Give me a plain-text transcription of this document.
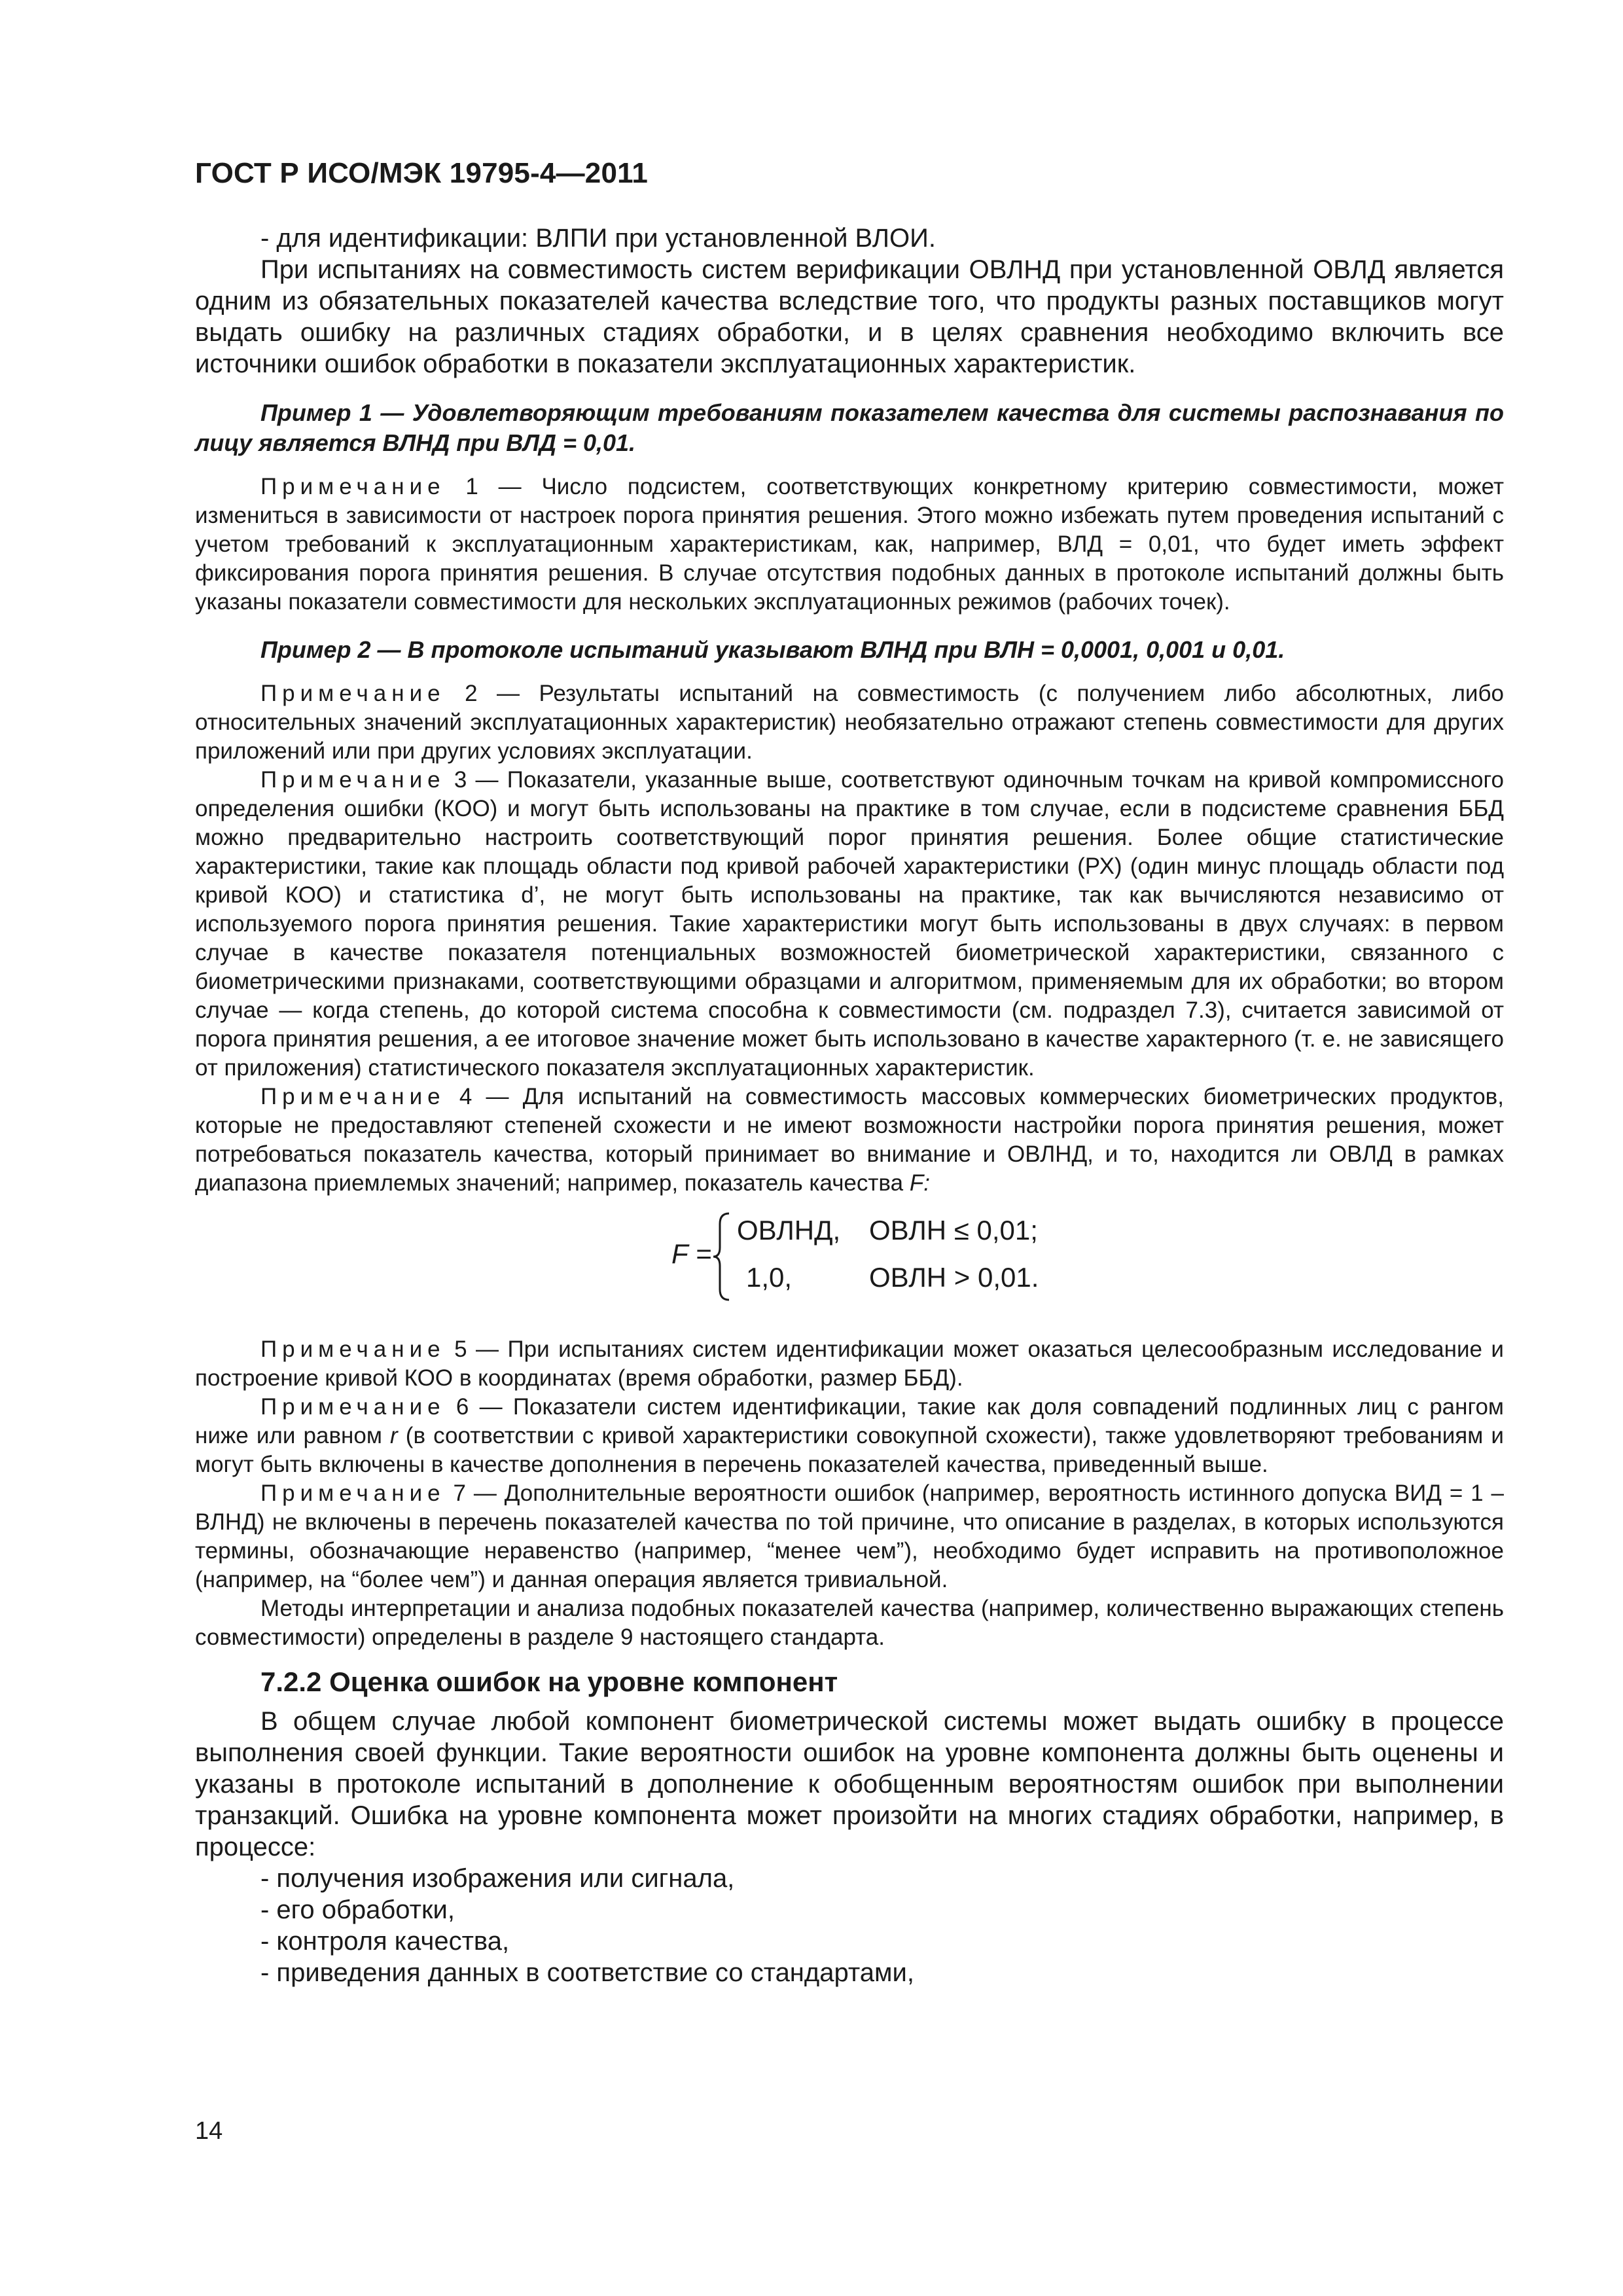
ГОСТ Р ИСО/МЭК 19795-4—2011

- для идентификации: ВЛПИ при установленной ВЛОИ.

При испытаниях на совместимость систем верификации ОВЛНД при установленной ОВЛД является одним из обязательных показателей качества вследствие того, что продукты разных поставщиков могут выдать ошибку на различных стадиях обработки, и в целях сравнения необходимо включить все источники ошибок обработки в показатели эксплуатационных характеристик.

Пример 1 — Удовлетворяющим требованиям показателем качества для системы распознавания по лицу является ВЛНД при ВЛД = 0,01.

Примечание 1 — Число подсистем, соответствующих конкретному критерию совместимости, может измениться в зависимости от настроек порога принятия решения. Этого можно избежать путем проведения испытаний с учетом требований к эксплуатационным характеристикам, как, например, ВЛД = 0,01, что будет иметь эффект фиксирования порога принятия решения. В случае отсутствия подобных данных в протоколе испытаний должны быть указаны показатели совместимости для нескольких эксплуатационных режимов (рабочих точек).

Пример 2 — В протоколе испытаний указывают ВЛНД при ВЛН = 0,0001, 0,001 и 0,01.

Примечание 2 — Результаты испытаний на совместимость (с получением либо абсолютных, либо относительных значений эксплуатационных характеристик) необязательно отражают степень совместимости для других приложений или при других условиях эксплуатации.

Примечание 3 — Показатели, указанные выше, соответствуют одиночным точкам на кривой компромиссного определения ошибки (КОО) и могут быть использованы на практике в том случае, если в подсистеме сравнения ББД можно предварительно настроить соответствующий порог принятия решения. Более общие статистические характеристики, такие как площадь области под кривой рабочей характеристики (РХ) (один минус площадь области под кривой КОО) и статистика d’, не могут быть использованы на практике, так как вычисляются независимо от используемого порога принятия решения. Такие характеристики могут быть использованы в двух случаях: в первом случае в качестве показателя потенциальных возможностей биометрической характеристики, связанного с биометрическими признаками, соответствующими образцами и алгоритмом, применяемым для их обработки; во втором случае — когда степень, до которой система способна к совместимости (см. подраздел 7.3), считается зависимой от порога принятия решения, а ее итоговое значение может быть использовано в качестве характерного (т. е. не зависящего от приложения) статистического показателя эксплуатационных характеристик.

Примечание 4 — Для испытаний на совместимость массовых коммерческих биометрических продуктов, которые не предоставляют степеней схожести и не имеют возможности настройки порога принятия решения, может потребоваться показатель качества, который принимает во внимание и ОВЛНД, и то, находится ли ОВЛД в рамках диапазона приемлемых значений; например, показатель качества F:

F =
ОВЛНД, ОВЛН ≤ 0,01;
1,0,	ОВЛН > 0,01.

Примечание 5 — При испытаниях систем идентификации может оказаться целесообразным исследование и построение кривой КОО в координатах (время обработки, размер ББД).

Примечание 6 — Показатели систем идентификации, такие как доля совпадений подлинных лиц с рангом ниже или равном r (в соответствии с кривой характеристики совокупной схожести), также удовлетворяют требованиям и могут быть включены в качестве дополнения в перечень показателей качества, приведенный выше.

Примечание 7 — Дополнительные вероятности ошибок (например, вероятность истинного допуска ВИД = 1 – ВЛНД) не включены в перечень показателей качества по той причине, что описание в разделах, в которых используются термины, обозначающие неравенство (например, “менее чем”), необходимо будет исправить на противоположное (например, на “более чем”) и данная операция является тривиальной.

Методы интерпретации и анализа подобных показателей качества (например, количественно выражающих степень совместимости) определены в разделе 9 настоящего стандарта.

7.2.2 Оценка ошибок на уровне компонент

В общем случае любой компонент биометрической системы может выдать ошибку в процессе выполнения своей функции. Такие вероятности ошибок на уровне компонента должны быть оценены и указаны в протоколе испытаний в дополнение к обобщенным вероятностям ошибок при выполнении транзакций. Ошибка на уровне компонента может произойти на многих стадиях обработки, например, в процессе:

- получения изображения или сигнала,

- его обработки,

- контроля качества,

- приведения данных в соответствие со стандартами,

14
